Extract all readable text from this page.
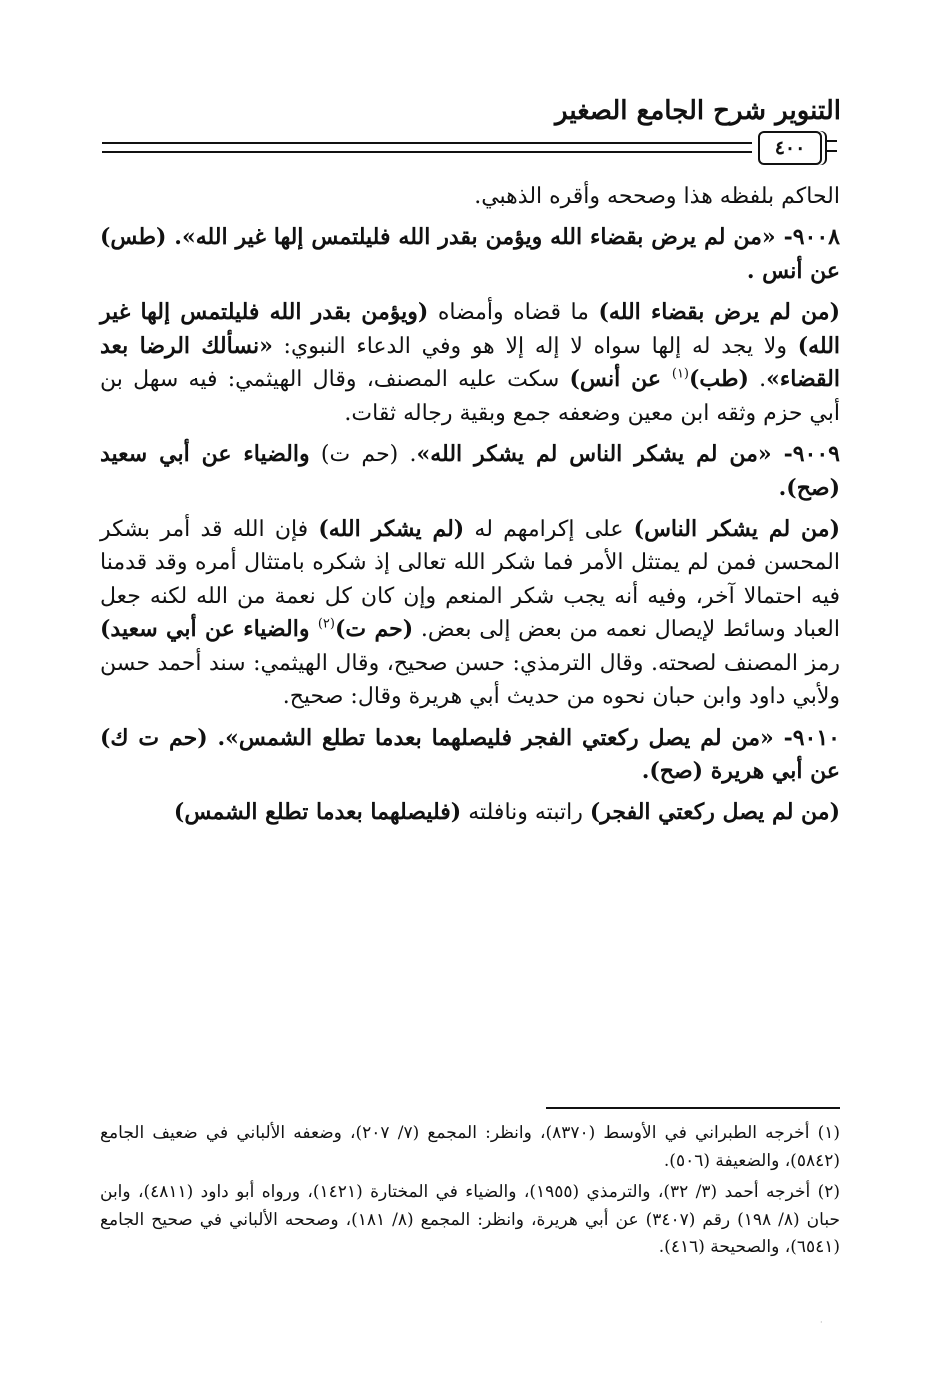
التنوير شرح الجامع الصغير
٤٠٠

الحاكم بلفظه هذا وصححه وأقره الذهبي.

٩٠٠٨- «من لم يرض بقضاء الله ويؤمن بقدر الله فليلتمس إلها غير الله». (طس) عن أنس .

(من لم يرض بقضاء الله) ما قضاه وأمضاه (ويؤمن بقدر الله فليلتمس إلها غير الله) ولا يجد له إلها سواه لا إله إلا هو وفي الدعاء النبوي: «نسألك الرضا بعد القضاء». (طب)$^{(١)}$ عن أنس) سكت عليه المصنف، وقال الهيثمي: فيه سهل بن أبي حزم وثقه ابن معين وضعفه جمع وبقية رجاله ثقات.

٩٠٠٩- «من لم يشكر الناس لم يشكر الله». (حم ت) والضياء عن أبي سعيد (صح).

(من لم يشكر الناس) على إكرامهم له (لم يشكر الله) فإن الله قد أمر بشكر المحسن فمن لم يمتثل الأمر فما شكر الله تعالى إذ شكره بامتثال أمره وقد قدمنا فيه احتمالا آخر، وفيه أنه يجب شكر المنعم وإن كان كل نعمة من الله لكنه جعل العباد وسائط لإيصال نعمه من بعض إلى بعض. (حم ت)$^{(٢)}$ والضياء عن أبي سعيد) رمز المصنف لصحته. وقال الترمذي: حسن صحيح، وقال الهيثمي: سند أحمد حسن ولأبي داود وابن حبان نحوه من حديث أبي هريرة وقال: صحيح.

٩٠١٠- «من لم يصل ركعتي الفجر فليصلهما بعدما تطلع الشمس». (حم ت ك) عن أبي هريرة (صح).

(من لم يصل ركعتي الفجر) راتبته ونافلته (فليصلهما بعدما تطلع الشمس)

(١) أخرجه الطبراني في الأوسط (٨٣٧٠)، وانظر: المجمع (٧/ ٢٠٧)، وضعفه الألباني في ضعيف الجامع (٥٨٤٢)، والضعيفة (٥٠٦).

(٢) أخرجه أحمد (٣/ ٣٢)، والترمذي (١٩٥٥)، والضياء في المختارة (١٤٢١)، ورواه أبو داود (٤٨١١)، وابن حبان (٨/ ١٩٨) رقم (٣٤٠٧) عن أبي هريرة، وانظر: المجمع (٨/ ١٨١)، وصححه الألباني في صحيح الجامع (٦٥٤١)، والصحيحة (٤١٦).

·
